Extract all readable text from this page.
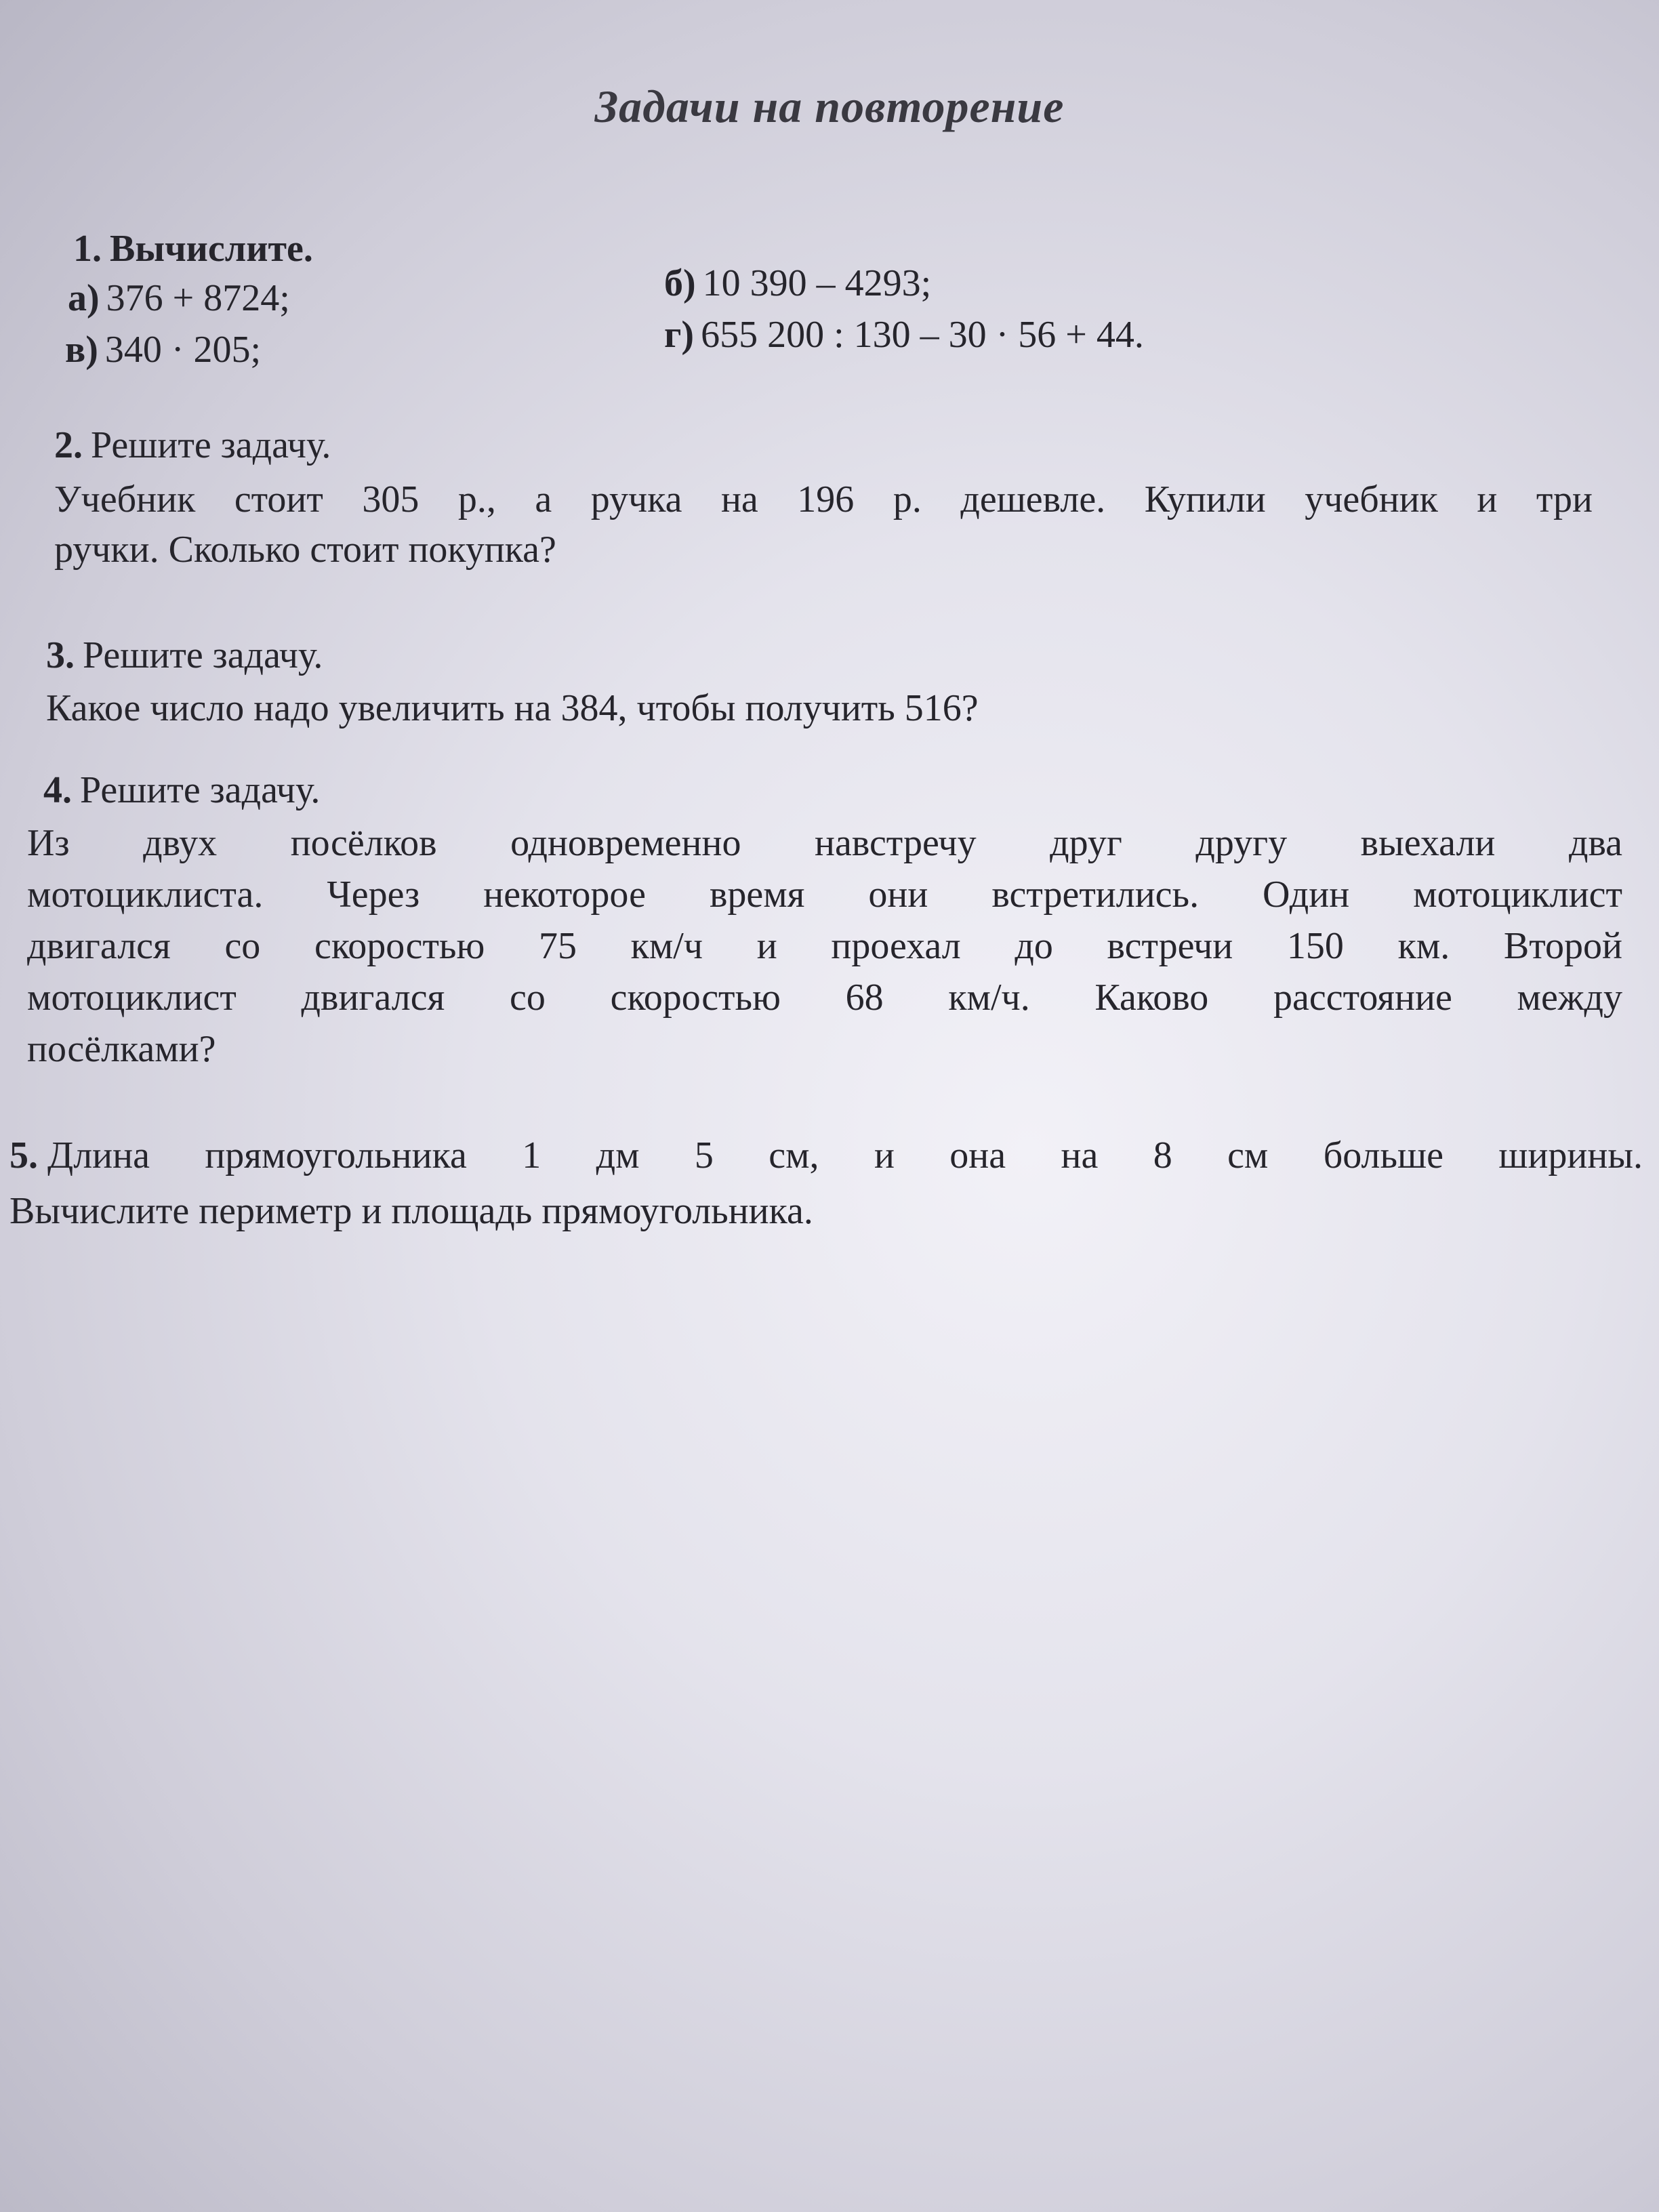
Задачи на повторение
1. Вычислите.
а) 376 + 8724;
в) 340 · 205;
б) 10 390 – 4293;
г) 655 200 : 130 – 30 · 56 + 44.
2. Решите задачу.
Учебник стоит 305 р., а ручка на 196 р. дешевле. Купили учебник и три
ручки. Сколько стоит покупка?
3. Решите задачу.
Какое число надо увеличить на 384, чтобы получить 516?
4. Решите задачу.
Из двух посёлков одновременно навстречу друг другу выехали два
мотоциклиста. Через некоторое время они встретились. Один мотоциклист
двигался со скоростью 75 км/ч и проехал до встречи 150 км. Второй
мотоциклист двигался со скоростью 68 км/ч. Каково расстояние между
посёлками?
5. Длина прямоугольника 1 дм 5 см, и она на 8 см больше ширины.
Вычислите периметр и площадь прямоугольника.
